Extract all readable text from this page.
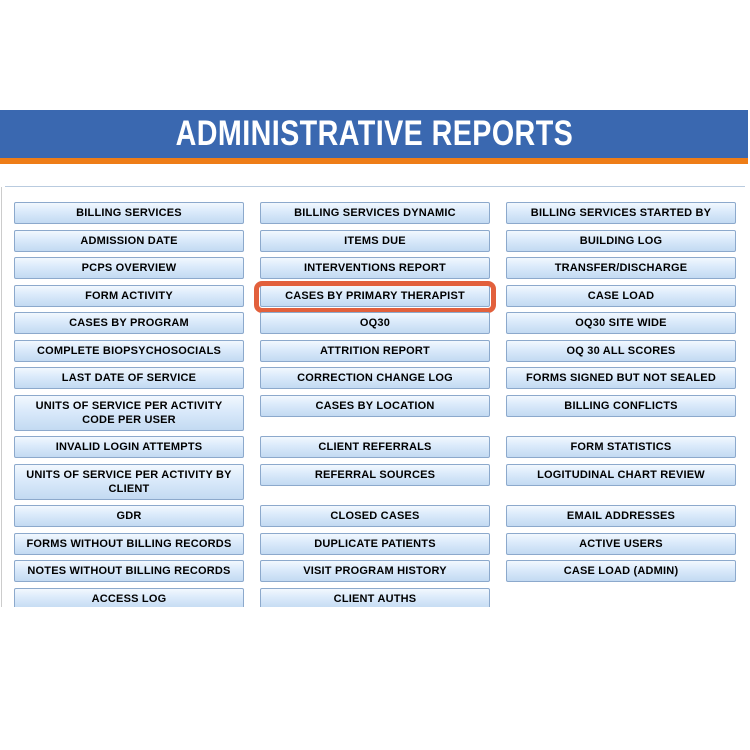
ADMINISTRATIVE REPORTS
BILLING SERVICES	BILLING SERVICES DYNAMIC	BILLING SERVICES STARTED BY
ADMISSION DATE	ITEMS DUE	BUILDING LOG
PCPS OVERVIEW	INTERVENTIONS REPORT	TRANSFER/DISCHARGE
FORM ACTIVITY	CASES BY PRIMARY THERAPIST	CASE LOAD
CASES BY PROGRAM	OQ30	OQ30 SITE WIDE
COMPLETE BIOPSYCHOSOCIALS	ATTRITION REPORT	OQ 30 ALL SCORES
LAST DATE OF SERVICE	CORRECTION CHANGE LOG	FORMS SIGNED BUT NOT SEALED
UNITS OF SERVICE PER ACTIVITY CODE PER USER
CASES BY LOCATION	BILLING CONFLICTS
INVALID LOGIN ATTEMPTS	CLIENT REFERRALS	FORM STATISTICS
UNITS OF SERVICE PER ACTIVITY BY CLIENT
REFERRAL SOURCES	LOGITUDINAL CHART REVIEW
GDR	CLOSED CASES	EMAIL ADDRESSES
FORMS WITHOUT BILLING RECORDS	DUPLICATE PATIENTS	ACTIVE USERS
NOTES WITHOUT BILLING RECORDS	VISIT PROGRAM HISTORY	CASE LOAD (ADMIN)
ACCESS LOG	CLIENT AUTHS
